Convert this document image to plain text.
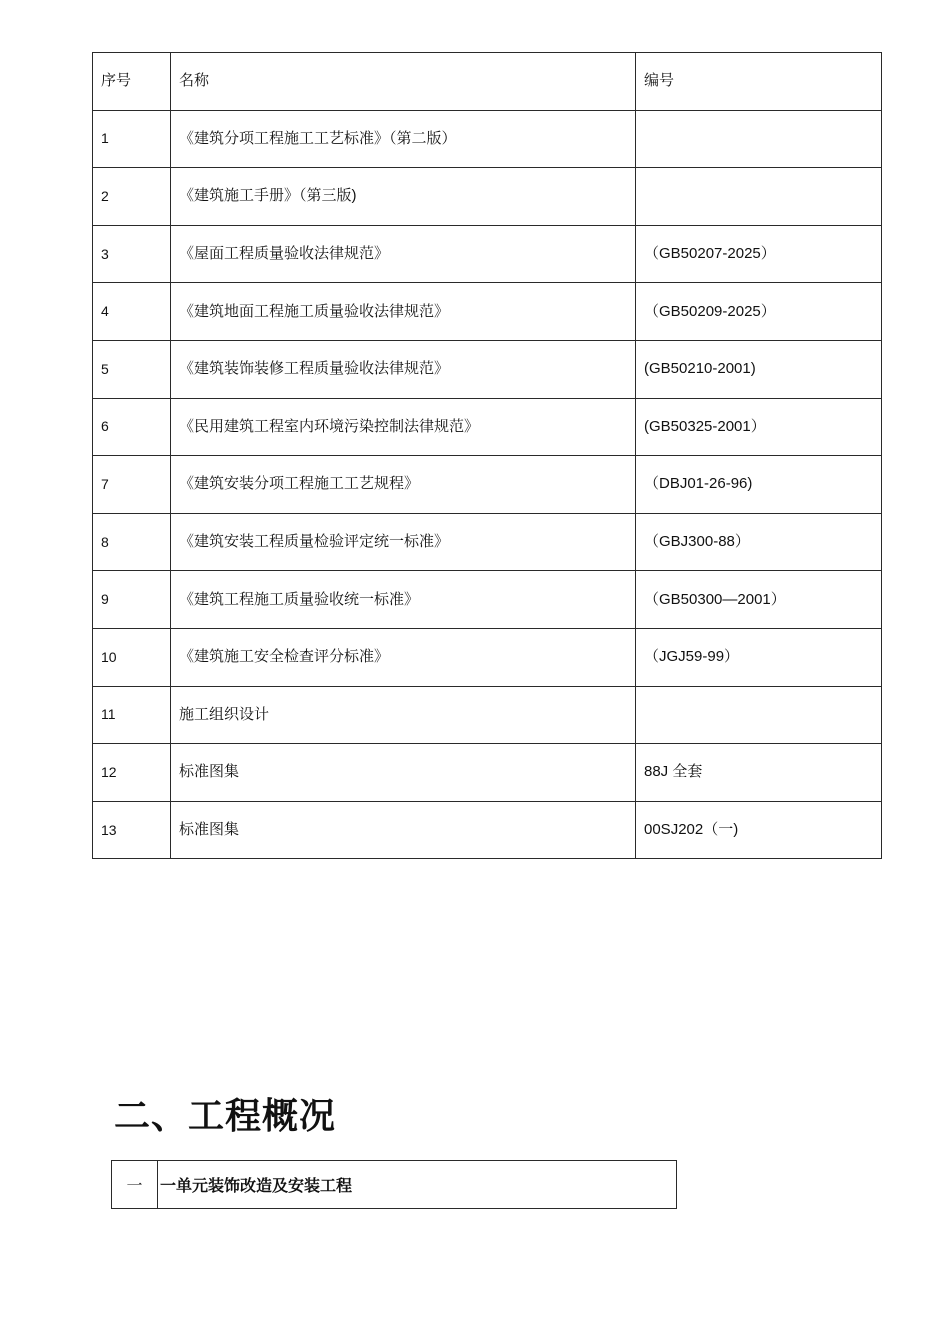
序号	名称	编号
1	《建筑分项工程施工工艺标准》（第二版）	
2	《建筑施工手册》（第三版)	
3	《屋面工程质量验收法律规范》	（GB50207-2025）
4	《建筑地面工程施工质量验收法律规范》	（GB50209-2025）
5	《建筑装饰装修工程质量验收法律规范》	(GB50210-2001)
6	《民用建筑工程室内环境污染控制法律规范》	(GB50325-2001）
7	《建筑安装分项工程施工工艺规程》	（DBJ01-26-96)
8	《建筑安装工程质量检验评定统一标准》	（GBJ300-88）
9	《建筑工程施工质量验收统一标准》	（GB50300—2001）
10	《建筑施工安全检查评分标准》	（JGJ59-99）
11	施工组织设计	
12	标准图集	88J 全套
13	标准图集	00SJ202（一)
二、工程概况
一	一单元装饰改造及安装工程
